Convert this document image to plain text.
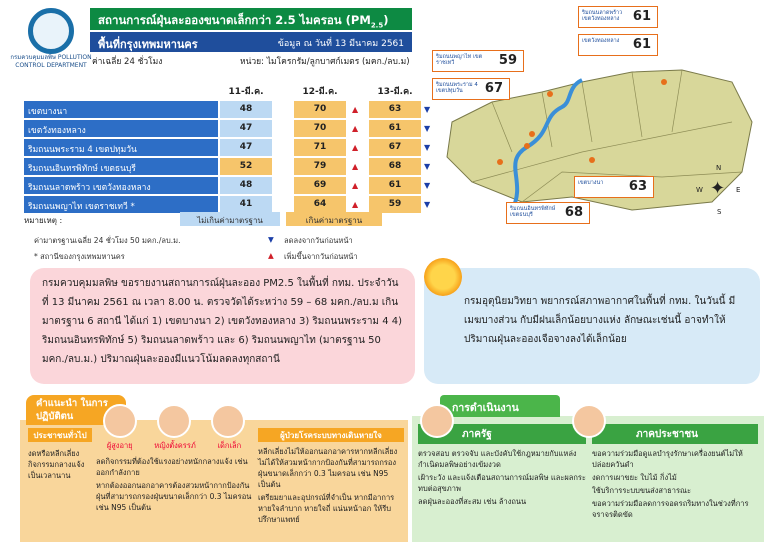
กรมควบคุมมลพิษ POLLUTION CONTROL DEPARTMENT
สถานการณ์ฝุ่นละอองขนาดเล็กกว่า 2.5 ไมครอน $(PM_{2.5})$
พื้นที่กรุงเทพมหานคร	ข้อมูล ณ วันที่ 13 มีนาคม 2561
ค่าเฉลี่ย 24 ชั่วโมง	หน่วย: ไมโครกรัม/ลูกบาศก์เมตร (มคก./ลบ.ม)
11-มี.ค.	12-มี.ค.	13-มี.ค.
เขตบางนา	48	70	▲	63	▼
เขตวังทองหลาง	47	70	▲	61	▼
ริมถนนพระราม 4 เขตปทุมวัน	47	71	▲	67	▼
ริมถนนอินทรพิทักษ์ เขตธนบุรี	52	79	▲	68	▼
ริมถนนลาดพร้าว เขตวังทองหลาง	48	69	▲	61	▼
ริมถนนพญาไท เขตราชเทวี *	41	64	▲	59	▼
หมายเหตุ :	ไม่เกินค่ามาตรฐาน	เกินค่ามาตรฐาน
ค่ามาตรฐานเฉลี่ย 24 ชั่วโมง 50 มคก./ลบ.ม.	▼ ลดลงจากวันก่อนหน้า
* สถานีของกรุงเทพมหานคร	▲ เพิ่มขึ้นจากวันก่อนหน้า
ริมถนนลาดพร้าว เขตวังทองหลาง	61
เขตวังทองหลาง	61
ริมถนนพญาไท เขตราชเทวี	59
ริมถนนพระราม 4 เขตปทุมวัน	67
เขตบางนา	63
ริมถนนอินทรพิทักษ์ เขตธนบุรี	68
N
W	E
S
✦
กรมควบคุมมลพิษ ขอรายงานสถานการณ์ฝุ่นละออง PM2.5 ในพื้นที่ กทม. ประจำวันที่ 13 มีนาคม 2561 ณ เวลา 8.00 น. ตรวจวัดได้ระหว่าง 59 – 68 มคก./ลบ.ม เกินมาตรฐาน 6 สถานี ได้แก่ 1) เขตบางนา 2) เขตวังทองหลาง 3) ริมถนนพระราม 4 4) ริมถนนอินทรพิทักษ์ 5) ริมถนนลาดพร้าว และ 6) ริมถนนพญาไท (มาตรฐาน 50 มคก./ลบ.ม.) ปริมาณฝุ่นละอองมีแนวโน้มลดลงทุกสถานี
กรมอุตุนิยมวิทยา พยากรณ์สภาพอากาศในพื้นที่ กทม. ในวันนี้ มีเมฆบางส่วน กับมีฝนเล็กน้อยบางแห่ง ลักษณะเช่นนี้ อาจทำให้ปริมาณฝุ่นละอองเจือจางลงได้เล็กน้อย
คำแนะนำ ในการปฏิบัติตน
ประชาชนทั่วไป
งดหรือหลีกเลี่ยงกิจกรรมกลางแจ้งเป็นเวลานาน
ผู้สูงอายุ	หญิงตั้งครรภ์	เด็กเล็ก
ลดกิจกรรมที่ต้องใช้แรงอย่างหนักกลางแจ้ง เช่น ออกกำลังกาย
หากต้องออกนอกอาคารต้องสวมหน้ากากป้องกันฝุ่นที่สามารถกรองฝุ่นขนาดเล็กกว่า 0.3 ไมครอน เช่น N95 เป็นต้น
ผู้ป่วยโรคระบบทางเดินหายใจ
หลีกเลี่ยงไม่ให้ออกนอกอาคารหากหลีกเลี่ยงไม่ได้ให้สวมหน้ากากป้องกันที่สามารถกรองฝุ่นขนาดเล็กกว่า 0.3 ไมครอน เช่น N95 เป็นต้น
เตรียมยาและอุปกรณ์ที่จำเป็น หากมีอาการหายใจลำบาก หายใจถี่ แน่นหน้าอก ให้รีบปรึกษาแพทย์
การดำเนินงาน
ภาครัฐ
ตรวจสอบ ตรวจจับ และบังคับใช้กฎหมายกับแหล่งกำเนิดมลพิษอย่างเข้มงวด
เฝ้าระวัง และแจ้งเตือนสถานการณ์มลพิษ และผลกระทบต่อสุขภาพ
ลดฝุ่นละอองที่สะสม เช่น ล้างถนน
ภาคประชาชน
ขอความร่วมมือดูแลบำรุงรักษาเครื่องยนต์ไม่ให้ปล่อยควันดำ
งดการเผาขยะ ใบไม้ กิ่งไม้
ใช้บริการระบบขนส่งสาธารณะ
ขอความร่วมมือลดการจอดรถริมทางในช่วงที่การจราจรติดขัด
